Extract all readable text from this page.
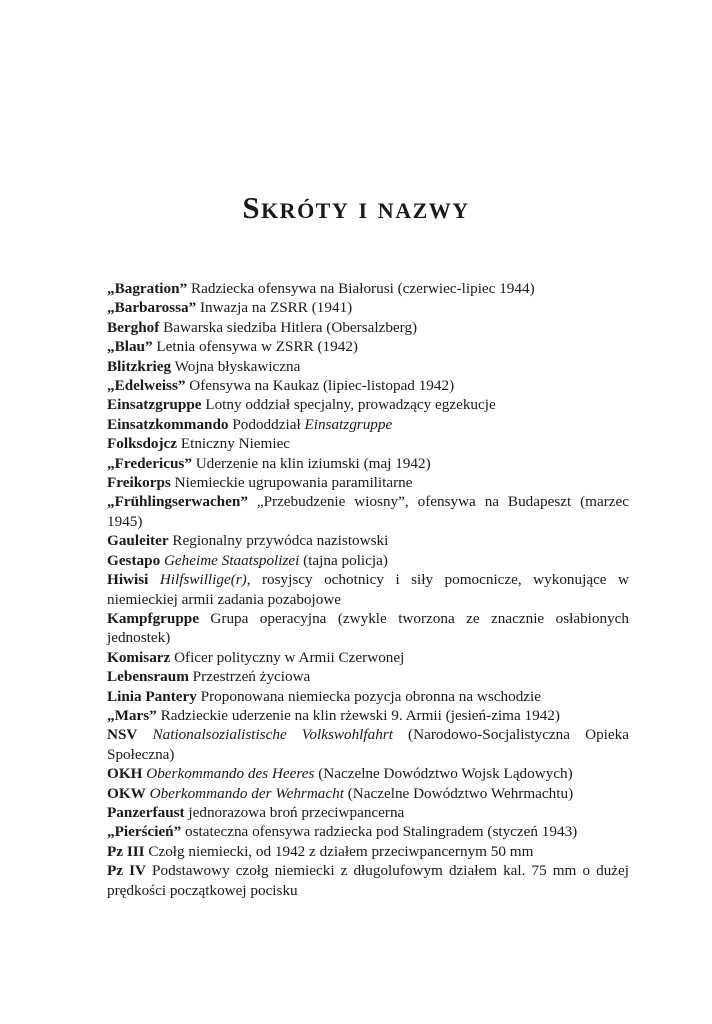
Skróty i nazwy
„Bagration” Radziecka ofensywa na Białorusi (czerwiec-lipiec 1944)
„Barbarossa” Inwazja na ZSRR (1941)
Berghof Bawarska siedziba Hitlera (Obersalzberg)
„Blau” Letnia ofensywa w ZSRR (1942)
Blitzkrieg Wojna błyskawiczna
„Edelweiss” Ofensywa na Kaukaz (lipiec-listopad 1942)
Einsatzgruppe Lotny oddział specjalny, prowadzący egzekucje
Einsatzkommando Pododdział Einsatzgruppe
Folksdojcz Etniczny Niemiec
„Fredericus” Uderzenie na klin iziumski (maj 1942)
Freikorps Niemieckie ugrupowania paramilitarne
„Frühlingserwachen” „Przebudzenie wiosny”, ofensywa na Budapeszt (marzec 1945)
Gauleiter Regionalny przywódca nazistowski
Gestapo Geheime Staatspolizei (tajna policja)
Hiwisi Hilfswillige(r), rosyjscy ochotnicy i siły pomocnicze, wykonujące w niemieckiej armii zadania pozabojowe
Kampfgruppe Grupa operacyjna (zwykle tworzona ze znacznie osłabionych jednostek)
Komisarz Oficer polityczny w Armii Czerwonej
Lebensraum Przestrzeń życiowa
Linia Pantery Proponowana niemiecka pozycja obronna na wschodzie
„Mars” Radzieckie uderzenie na klin rżewski 9. Armii (jesień-zima 1942)
NSV Nationalsozialistische Volkswohlfahrt (Narodowo-Socjalistyczna Opieka Społeczna)
OKH Oberkommando des Heeres (Naczelne Dowództwo Wojsk Lądowych)
OKW Oberkommando der Wehrmacht (Naczelne Dowództwo Wehrmachtu)
Panzerfaust jednorazowa broń przeciwpancerna
„Pierścień” ostateczna ofensywa radziecka pod Stalingradem (styczeń 1943)
Pz III Czołg niemiecki, od 1942 z działem przeciwpancernym 50 mm
Pz IV Podstawowy czołg niemiecki z długolufowym działem kal. 75 mm o dużej prędkości początkowej pocisku
